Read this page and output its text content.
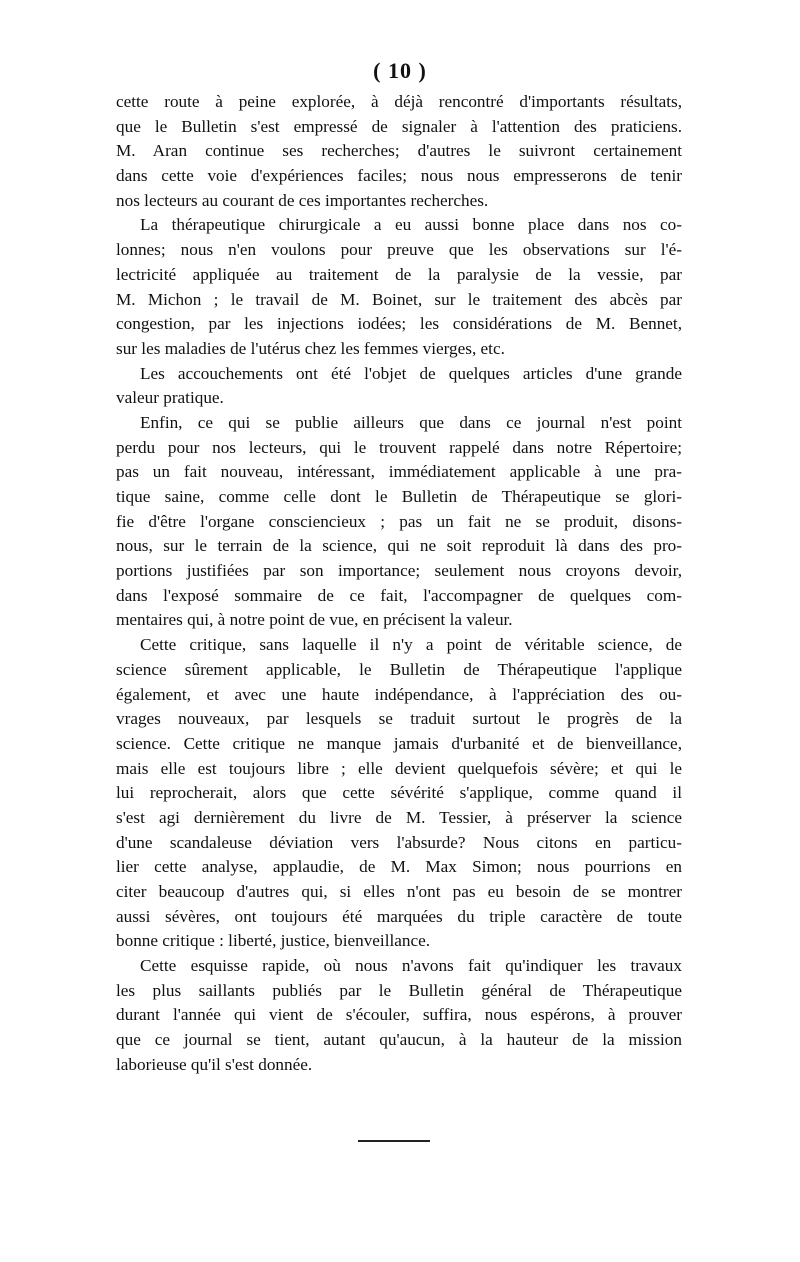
( 10 )
cette route à peine explorée, à déjà rencontré d'importants résultats,
que le Bulletin s'est empressé de signaler à l'attention des praticiens.
M. Aran continue ses recherches; d'autres le suivront certainement
dans cette voie d'expériences faciles; nous nous empresserons de tenir
nos lecteurs au courant de ces importantes recherches.
La thérapeutique chirurgicale a eu aussi bonne place dans nos co-
lonnes; nous n'en voulons pour preuve que les observations sur l'é-
lectricité appliquée au traitement de la paralysie de la vessie, par
M. Michon ; le travail de M. Boinet, sur le traitement des abcès par
congestion, par les injections iodées; les considérations de M. Bennet,
sur les maladies de l'utérus chez les femmes vierges, etc.
Les accouchements ont été l'objet de quelques articles d'une grande
valeur pratique.
Enfin, ce qui se publie ailleurs que dans ce journal n'est point
perdu pour nos lecteurs, qui le trouvent rappelé dans notre Répertoire;
pas un fait nouveau, intéressant, immédiatement applicable à une pra-
tique saine, comme celle dont le Bulletin de Thérapeutique se glori-
fie d'être l'organe consciencieux ; pas un fait ne se produit, disons-
nous, sur le terrain de la science, qui ne soit reproduit là dans des pro-
portions justifiées par son importance; seulement nous croyons devoir,
dans l'exposé sommaire de ce fait, l'accompagner de quelques com-
mentaires qui, à notre point de vue, en précisent la valeur.
Cette critique, sans laquelle il n'y a point de véritable science, de
science sûrement applicable, le Bulletin de Thérapeutique l'applique
également, et avec une haute indépendance, à l'appréciation des ou-
vrages nouveaux, par lesquels se traduit surtout le progrès de la
science. Cette critique ne manque jamais d'urbanité et de bienveillance,
mais elle est toujours libre ; elle devient quelquefois sévère; et qui le
lui reprocherait, alors que cette sévérité s'applique, comme quand il
s'est agi dernièrement du livre de M. Tessier, à préserver la science
d'une scandaleuse déviation vers l'absurde? Nous citons en particu-
lier cette analyse, applaudie, de M. Max Simon; nous pourrions en
citer beaucoup d'autres qui, si elles n'ont pas eu besoin de se montrer
aussi sévères, ont toujours été marquées du triple caractère de toute
bonne critique : liberté, justice, bienveillance.
Cette esquisse rapide, où nous n'avons fait qu'indiquer les travaux
les plus saillants publiés par le Bulletin général de Thérapeutique
durant l'année qui vient de s'écouler, suffira, nous espérons, à prouver
que ce journal se tient, autant qu'aucun, à la hauteur de la mission
laborieuse qu'il s'est donnée.
